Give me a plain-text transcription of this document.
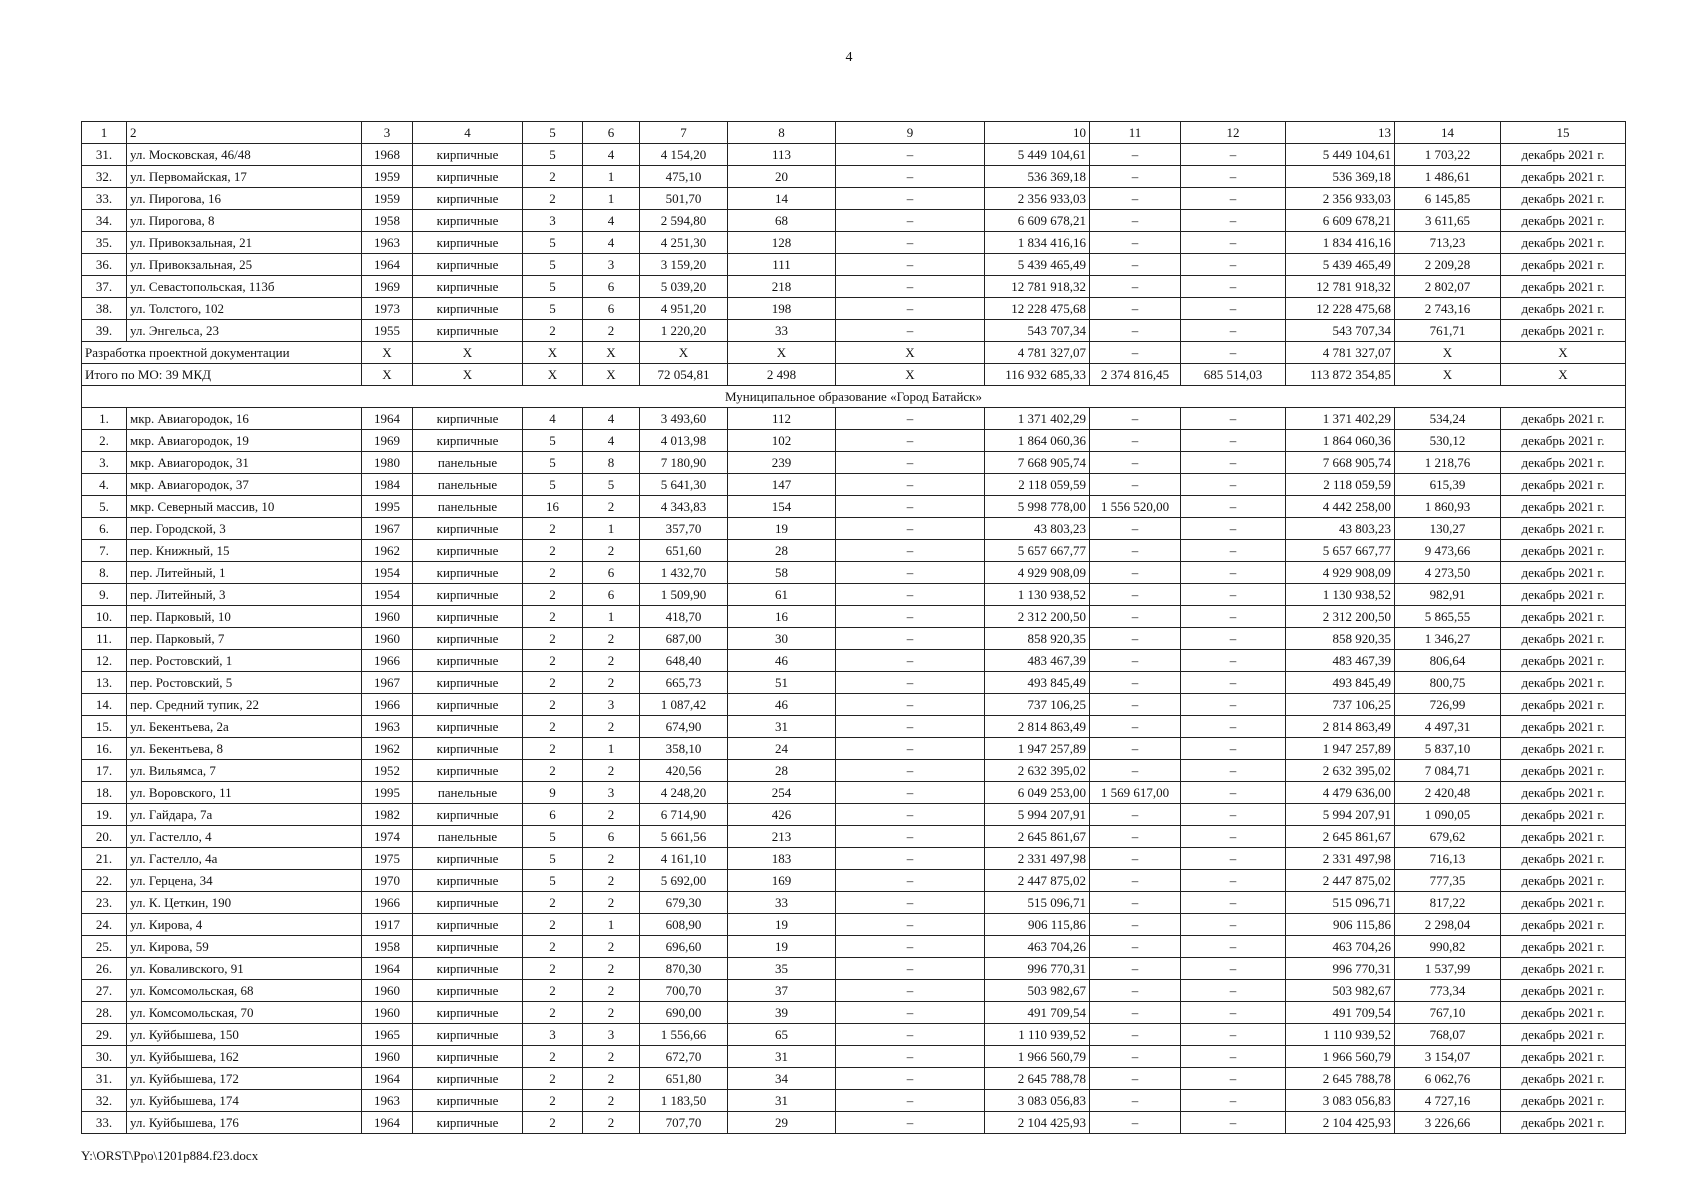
4
1	2	3	4	5	6	7	8	9	10	11	12	13	14	15
31.	ул. Московская, 46/48	1968	кирпичные	5	4	4 154,20	113	–	5 449 104,61	–	–	5 449 104,61	1 703,22	декабрь 2021 г.
32.	ул. Первомайская, 17	1959	кирпичные	2	1	475,10	20	–	536 369,18	–	–	536 369,18	1 486,61	декабрь 2021 г.
33.	ул. Пирогова, 16	1959	кирпичные	2	1	501,70	14	–	2 356 933,03	–	–	2 356 933,03	6 145,85	декабрь 2021 г.
34.	ул. Пирогова, 8	1958	кирпичные	3	4	2 594,80	68	–	6 609 678,21	–	–	6 609 678,21	3 611,65	декабрь 2021 г.
35.	ул. Привокзальная, 21	1963	кирпичные	5	4	4 251,30	128	–	1 834 416,16	–	–	1 834 416,16	713,23	декабрь 2021 г.
36.	ул. Привокзальная, 25	1964	кирпичные	5	3	3 159,20	111	–	5 439 465,49	–	–	5 439 465,49	2 209,28	декабрь 2021 г.
37.	ул. Севастопольская, 113б	1969	кирпичные	5	6	5 039,20	218	–	12 781 918,32	–	–	12 781 918,32	2 802,07	декабрь 2021 г.
38.	ул. Толстого, 102	1973	кирпичные	5	6	4 951,20	198	–	12 228 475,68	–	–	12 228 475,68	2 743,16	декабрь 2021 г.
39.	ул. Энгельса, 23	1955	кирпичные	2	2	1 220,20	33	–	543 707,34	–	–	543 707,34	761,71	декабрь 2021 г.
Разработка проектной документации		X	X	X	X	X	X	X	4 781 327,07	–	–	4 781 327,07	X	X
Итого по МО: 39 МКД		X	X	X	X	72 054,81	2 498	X	116 932 685,33	2 374 816,45	685 514,03	113 872 354,85	X	X
Муниципальное образование «Город Батайск»														
1.	мкр. Авиагородок, 16	1964	кирпичные	4	4	3 493,60	112	–	1 371 402,29	–	–	1 371 402,29	534,24	декабрь 2021 г.
2.	мкр. Авиагородок, 19	1969	кирпичные	5	4	4 013,98	102	–	1 864 060,36	–	–	1 864 060,36	530,12	декабрь 2021 г.
3.	мкр. Авиагородок, 31	1980	панельные	5	8	7 180,90	239	–	7 668 905,74	–	–	7 668 905,74	1 218,76	декабрь 2021 г.
4.	мкр. Авиагородок, 37	1984	панельные	5	5	5 641,30	147	–	2 118 059,59	–	–	2 118 059,59	615,39	декабрь 2021 г.
5.	мкр. Северный массив, 10	1995	панельные	16	2	4 343,83	154	–	5 998 778,00	1 556 520,00	–	4 442 258,00	1 860,93	декабрь 2021 г.
6.	пер. Городской, 3	1967	кирпичные	2	1	357,70	19	–	43 803,23	–	–	43 803,23	130,27	декабрь 2021 г.
7.	пер. Книжный, 15	1962	кирпичные	2	2	651,60	28	–	5 657 667,77	–	–	5 657 667,77	9 473,66	декабрь 2021 г.
8.	пер. Литейный, 1	1954	кирпичные	2	6	1 432,70	58	–	4 929 908,09	–	–	4 929 908,09	4 273,50	декабрь 2021 г.
9.	пер. Литейный, 3	1954	кирпичные	2	6	1 509,90	61	–	1 130 938,52	–	–	1 130 938,52	982,91	декабрь 2021 г.
10.	пер. Парковый, 10	1960	кирпичные	2	1	418,70	16	–	2 312 200,50	–	–	2 312 200,50	5 865,55	декабрь 2021 г.
11.	пер. Парковый, 7	1960	кирпичные	2	2	687,00	30	–	858 920,35	–	–	858 920,35	1 346,27	декабрь 2021 г.
12.	пер. Ростовский, 1	1966	кирпичные	2	2	648,40	46	–	483 467,39	–	–	483 467,39	806,64	декабрь 2021 г.
13.	пер. Ростовский, 5	1967	кирпичные	2	2	665,73	51	–	493 845,49	–	–	493 845,49	800,75	декабрь 2021 г.
14.	пер. Средний тупик, 22	1966	кирпичные	2	3	1 087,42	46	–	737 106,25	–	–	737 106,25	726,99	декабрь 2021 г.
15.	ул. Бекентьева, 2а	1963	кирпичные	2	2	674,90	31	–	2 814 863,49	–	–	2 814 863,49	4 497,31	декабрь 2021 г.
16.	ул. Бекентьева, 8	1962	кирпичные	2	1	358,10	24	–	1 947 257,89	–	–	1 947 257,89	5 837,10	декабрь 2021 г.
17.	ул. Вильямса, 7	1952	кирпичные	2	2	420,56	28	–	2 632 395,02	–	–	2 632 395,02	7 084,71	декабрь 2021 г.
18.	ул. Воровского, 11	1995	панельные	9	3	4 248,20	254	–	6 049 253,00	1 569 617,00	–	4 479 636,00	2 420,48	декабрь 2021 г.
19.	ул. Гайдара, 7а	1982	кирпичные	6	2	6 714,90	426	–	5 994 207,91	–	–	5 994 207,91	1 090,05	декабрь 2021 г.
20.	ул. Гастелло, 4	1974	панельные	5	6	5 661,56	213	–	2 645 861,67	–	–	2 645 861,67	679,62	декабрь 2021 г.
21.	ул. Гастелло, 4а	1975	кирпичные	5	2	4 161,10	183	–	2 331 497,98	–	–	2 331 497,98	716,13	декабрь 2021 г.
22.	ул. Герцена, 34	1970	кирпичные	5	2	5 692,00	169	–	2 447 875,02	–	–	2 447 875,02	777,35	декабрь 2021 г.
23.	ул. К. Цеткин, 190	1966	кирпичные	2	2	679,30	33	–	515 096,71	–	–	515 096,71	817,22	декабрь 2021 г.
24.	ул. Кирова, 4	1917	кирпичные	2	1	608,90	19	–	906 115,86	–	–	906 115,86	2 298,04	декабрь 2021 г.
25.	ул. Кирова, 59	1958	кирпичные	2	2	696,60	19	–	463 704,26	–	–	463 704,26	990,82	декабрь 2021 г.
26.	ул. Коваливского, 91	1964	кирпичные	2	2	870,30	35	–	996 770,31	–	–	996 770,31	1 537,99	декабрь 2021 г.
27.	ул. Комсомольская, 68	1960	кирпичные	2	2	700,70	37	–	503 982,67	–	–	503 982,67	773,34	декабрь 2021 г.
28.	ул. Комсомольская, 70	1960	кирпичные	2	2	690,00	39	–	491 709,54	–	–	491 709,54	767,10	декабрь 2021 г.
29.	ул. Куйбышева, 150	1965	кирпичные	3	3	1 556,66	65	–	1 110 939,52	–	–	1 110 939,52	768,07	декабрь 2021 г.
30.	ул. Куйбышева, 162	1960	кирпичные	2	2	672,70	31	–	1 966 560,79	–	–	1 966 560,79	3 154,07	декабрь 2021 г.
31.	ул. Куйбышева, 172	1964	кирпичные	2	2	651,80	34	–	2 645 788,78	–	–	2 645 788,78	6 062,76	декабрь 2021 г.
32.	ул. Куйбышева, 174	1963	кирпичные	2	2	1 183,50	31	–	3 083 056,83	–	–	3 083 056,83	4 727,16	декабрь 2021 г.
33.	ул. Куйбышева, 176	1964	кирпичные	2	2	707,70	29	–	2 104 425,93	–	–	2 104 425,93	3 226,66	декабрь 2021 г.
Y:\ORST\Ppo\1201p884.f23.docx
